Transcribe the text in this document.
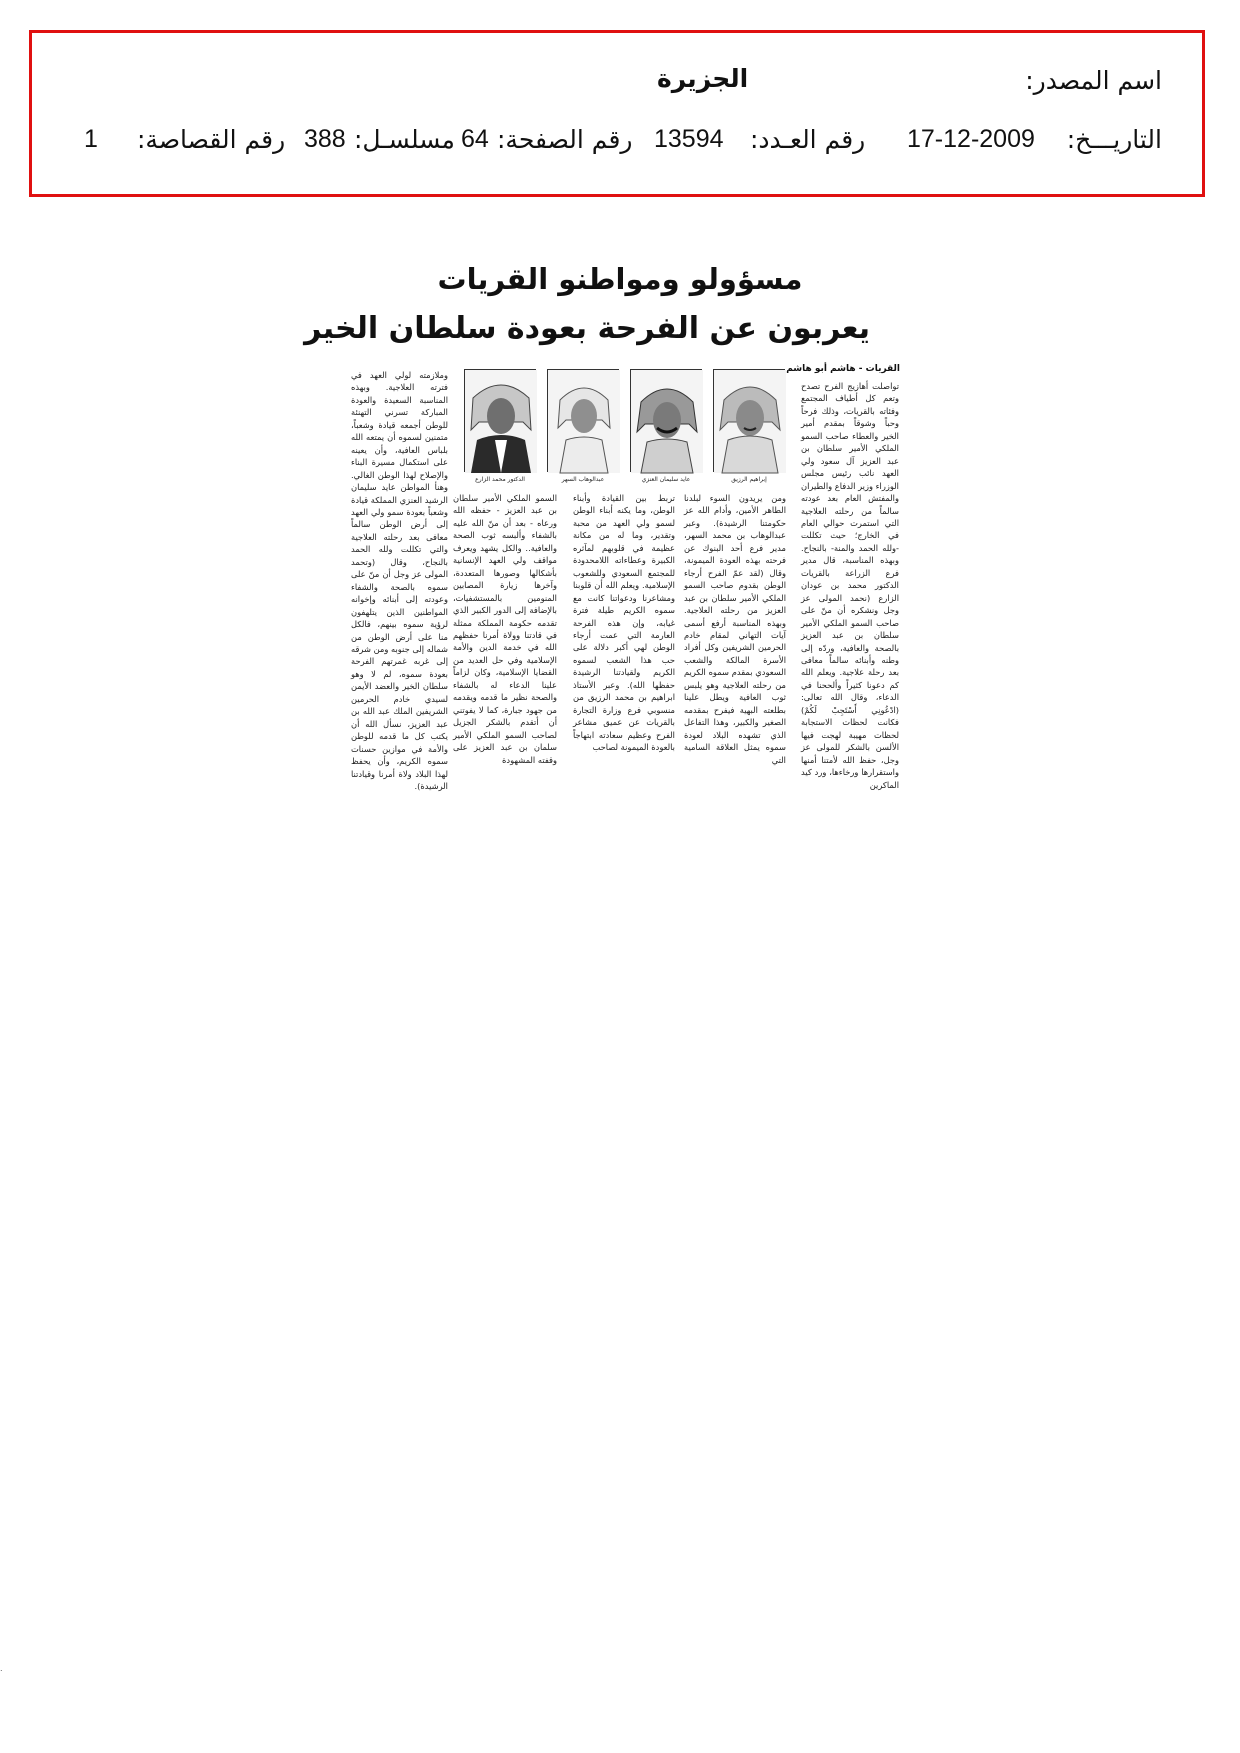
اسم المصدر:
الجزيرة
التاريـــخ:
17-12-2009
رقم العـدد:
13594
رقم الصفحة:
64
مسلسـل:
388
رقم القصاصة:
1
مسؤولو ومواطنو القريات
يعربون عن الفرحة بعودة سلطان الخير
القريات - هاشم أبو هاشم
إبراهيم الرزيق
عايد سليمان العنزي
عبدالوهاب السهر
الدكتور محمد الزارع
تواصلت أهازيج الفرح تصدح وتعم كل أطياف المجتمع وفئاته بالقريات، وذلك فرحاً وحباً وشوقاً بمقدم أمير الخير والعطاء صاحب السمو الملكي الأمير سلطان بن عبد العزيز آل سعود ولي العهد نائب رئيس مجلس الوزراء وزير الدفاع والطيران والمفتش العام بعد عودته سالماً من رحلته العلاجية التي استمرت حوالي العام في الخارج؛ حيث تكللت -ولله الحمد والمنة- بالنجاح. وبهذه المناسبة، قال مدير فرع الزراعة بالقريات الدكتور محمد بن عودان الزارع (نحمد المولى عز وجل ونشكره أن منّ على صاحب السمو الملكي الأمير سلطان بن عبد العزيز بالصحة والعافية، وردّه إلى وطنه وأبنائه سالماً معافى بعد رحلة علاجية. ويعلم الله كم دعونا كثيراً وألححنا في الدعاء، وقال الله تعالى: (ادْعُونِي أَسْتَجِبْ لَكُمْ) فكانت لحظات الاستجابة لحظات مهيبة لهجت فيها الألسن بالشكر للمولى عز وجل، حفظ الله لأمتنا أمنها واستقرارها ورخاءها، ورد كيد الماكرين
ومن يريدون السوء لبلدنا الطاهر الأمين، وأدام الله عز حكومتنا الرشيدة). وعبر عبدالوهاب بن محمد السهر، مدير فرع أحد البنوك عن فرحته بهذه العودة الميمونة، وقال (لقد عمّ الفرح أرجاء الوطن بقدوم صاحب السمو الملكي الأمير سلطان بن عبد العزيز من رحلته العلاجية. وبهذه المناسبة أرفع أسمى آيات التهاني لمقام خادم الحرمين الشريفين وكل أفراد الأسرة المالكة والشعب السعودي بمقدم سموه الكريم من رحلته العلاجية وهو يلبس ثوب العافية ويطل علينا بطلعته البهية فيفرح بمقدمه الصغير والكبير، وهذا التفاعل الذي تشهده البلاد لعودة سموه يمثل العلاقة السامية التي
تربط بين القيادة وأبناء الوطن، وما يكنه أبناء الوطن لسمو ولي العهد من محبة وتقدير، وما له من مكانة عظيمة في قلوبهم لمآثره الكبيرة وعطاءاته اللامحدودة للمجتمع السعودي وللشعوب الإسلامية. ويعلم الله أن قلوبنا ومشاعرنا ودعواتنا كانت مع سموه الكريم طيلة فترة غيابه، وإن هذه الفرحة العارمة التي عمت أرجاء الوطن لهي أكبر دلالة على حب هذا الشعب لسموه الكريم ولقيادتنا الرشيدة حفظها الله). وعبر الأستاذ ابراهيم بن محمد الرزيق من منسوبي فرع وزارة التجارة بالقريات عن عميق مشاعر الفرح وعظيم سعادته ابتهاجاً بالعودة الميمونة لصاحب
السمو الملكي الأمير سلطان بن عبد العزيز - حفظه الله ورعاه - بعد أن منّ الله عليه بالشفاء وألبسه ثوب الصحة والعافية.. والكل يشهد ويعرف مواقف ولي العهد الإنسانية بأشكالها وصورها المتعددة، وآخرها زيارة المصابين المنومين بالمستشفيات، بالإضافة إلى الدور الكبير الذي تقدمه حكومة المملكة ممثلة في قادتنا وولاة أمرنا حفظهم الله في خدمة الدين والأمة الإسلامية وفي حل العديد من القضايا الإسلامية، وكان لزاماً علينا الدعاء له بالشفاء والصحة نظير ما قدمه ويقدمه من جهود جبارة، كما لا يفوتني أن أتقدم بالشكر الجزيل لصاحب السمو الملكي الأمير سلمان بن عبد العزيز على وقفته المشهودة
وملازمته لولي العهد في فترته العلاجية. وبهذه المناسبة السعيدة والعودة المباركة تسرني التهنئة للوطن أجمعه قيادة وشعباً، متمنين لسموه أن يمتعه الله بلباس العافية، وأن يعينه على استكمال مسيرة البناء والإصلاح لهذا الوطن الغالي. وهنأ المواطن عايد سليمان الرشيد العنزي المملكة قيادة وشعباً بعودة سمو ولي العهد إلى أرض الوطن سالماً معافى بعد رحلته العلاجية والتي تكللت ولله الحمد بالنجاح، وقال (وتحمد المولى عز وجل أن منّ على سموه بالصحة والشفاء وعودته إلى أبنائه وإخوانه المواطنين الذين يتلهفون لرؤية سموه بينهم، فالكل منا على أرض الوطن من شماله إلى جنوبه ومن شرقه إلى غربه غمرتهم الفرحة بعودة سموه، لم لا وهو سلطان الخير والعضد الأيمن لسيدي خادم الحرمين الشريفين الملك عبد الله بن عبد العزيز، نسأل الله أن يكتب كل ما قدمه للوطن والأمة في موازين حسنات سموه الكريم، وأن يحفظ لهذا البلاد ولاة أمرنا وقيادتنا الرشيدة).
.
